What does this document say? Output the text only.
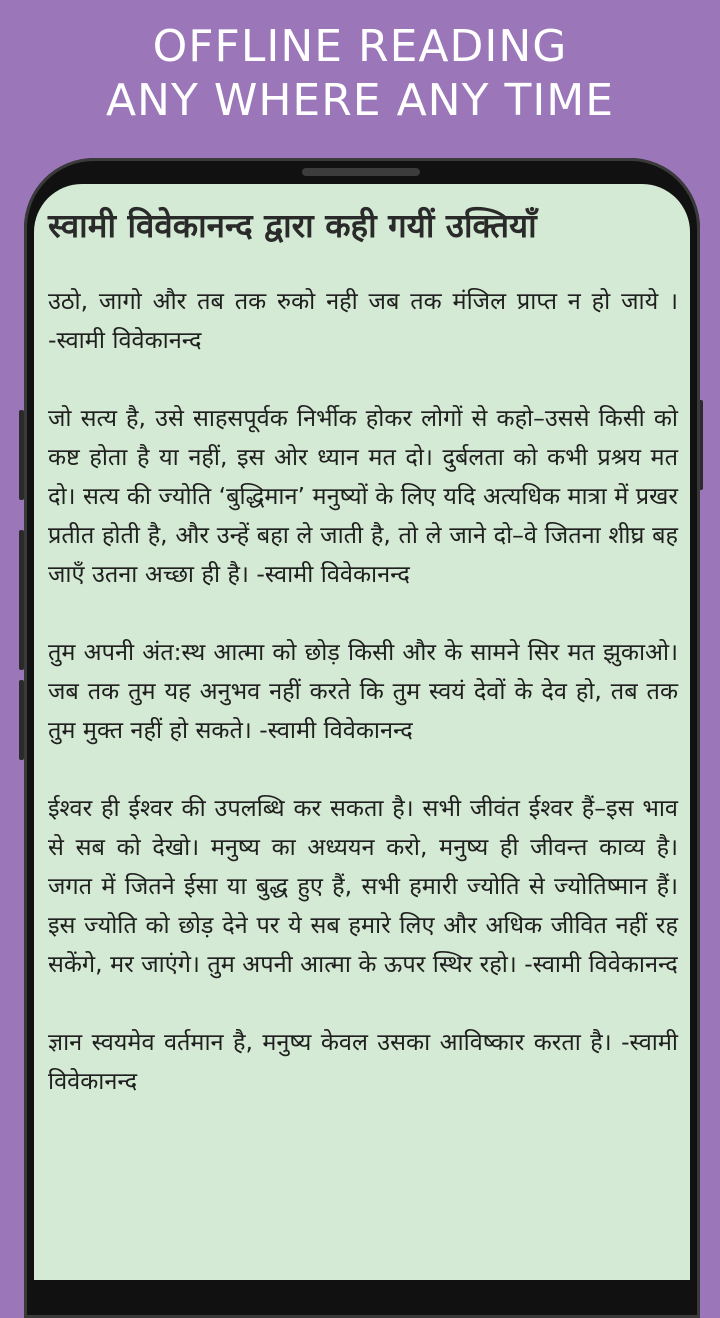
OFFLINE READING
ANY WHERE ANY TIME
स्वामी विवेकानन्द द्वारा कही गयीं उक्तियाँ

उठो, जागो और तब तक रुको नही जब तक मंजिल प्राप्त न हो जाये । -स्वामी विवेकानन्द

जो सत्य है, उसे साहसपूर्वक निर्भीक होकर लोगों से कहो–उससे किसी को कष्ट होता है या नहीं, इस ओर ध्यान मत दो। दुर्बलता को कभी प्रश्रय मत दो। सत्य की ज्योति ‘बुद्धिमान’ मनुष्यों के लिए यदि अत्यधिक मात्रा में प्रखर प्रतीत होती है, और उन्हें बहा ले जाती है, तो ले जाने दो–वे जितना शीघ्र बह जाएँ उतना अच्छा ही है। -स्वामी विवेकानन्द

तुम अपनी अंत:स्थ आत्मा को छोड़ किसी और के सामने सिर मत झुकाओ। जब तक तुम यह अनुभव नहीं करते कि तुम स्वयं देवों के देव हो, तब तक तुम मुक्त नहीं हो सकते। -स्वामी विवेकानन्द

ईश्वर ही ईश्वर की उपलब्धि कर सकता है। सभी जीवंत ईश्वर हैं–इस भाव से सब को देखो। मनुष्य का अध्ययन करो, मनुष्य ही जीवन्त काव्य है। जगत में जितने ईसा या बुद्ध हुए हैं, सभी हमारी ज्योति से ज्योतिष्मान हैं। इस ज्योति को छोड़ देने पर ये सब हमारे लिए और अधिक जीवित नहीं रह सकेंगे, मर जाएंगे। तुम अपनी आत्मा के ऊपर स्थिर रहो। -स्वामी विवेकानन्द

ज्ञान स्वयमेव वर्तमान है, मनुष्य केवल उसका आविष्कार करता है। -स्वामी विवेकानन्द
